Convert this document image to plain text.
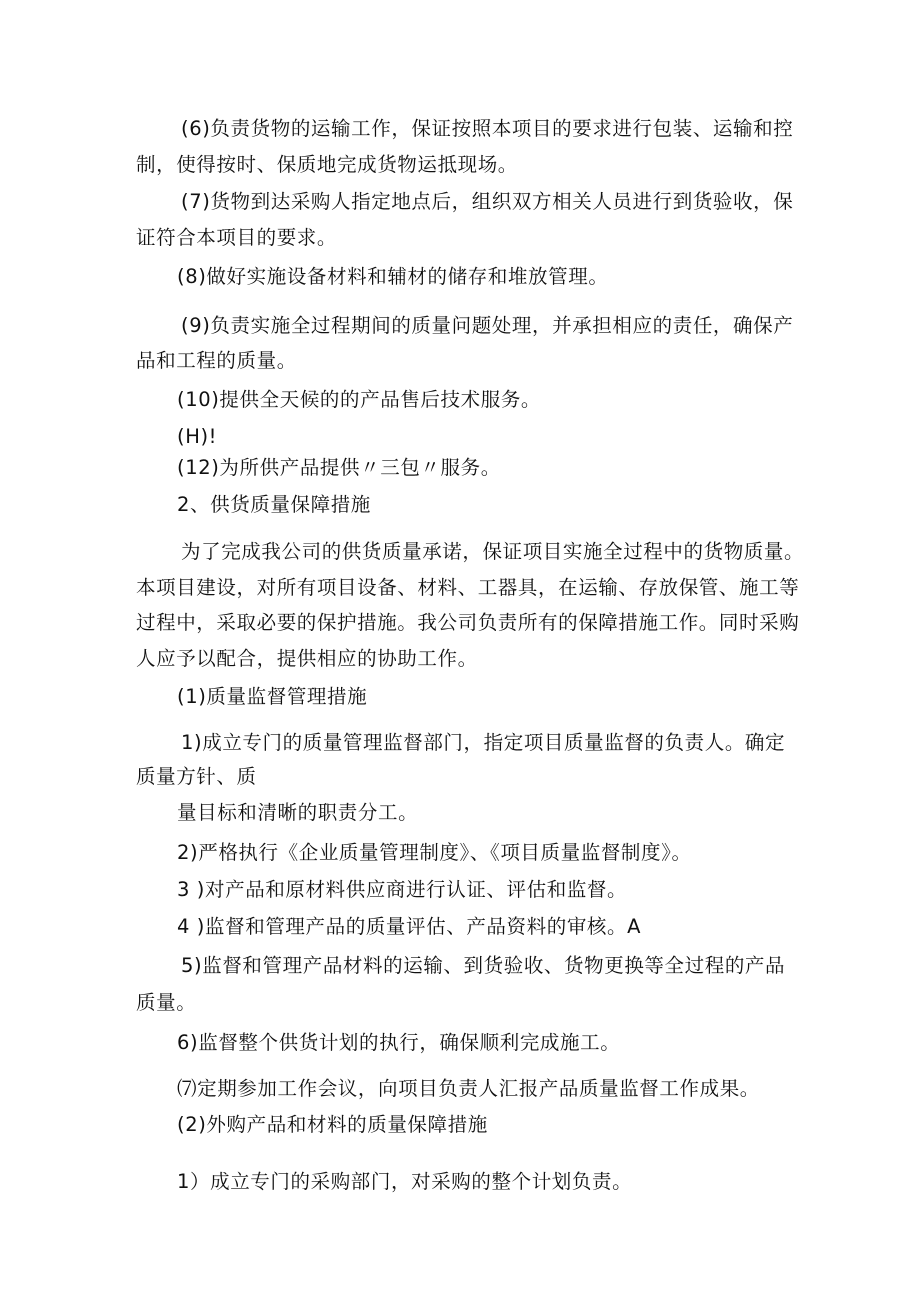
(6)负责货物的运输工作，保证按照本项目的要求进行包装、运输和控
制，使得按时、保质地完成货物运抵现场。
(7)货物到达采购人指定地点后，组织双方相关人员进行到货验收，保
证符合本项目的要求。
(8)做好实施设备材料和辅材的储存和堆放管理。
(9)负责实施全过程期间的质量问题处理，并承担相应的责任，确保产
品和工程的质量。
(10)提供全天候的的产品售后技术服务。
(H)!
(12)为所供产品提供〃三包〃服务。
2、供货质量保障措施
为了完成我公司的供货质量承诺，保证项目实施全过程中的货物质量。
本项目建设，对所有项目设备、材料、工器具，在运输、存放保管、施工等
过程中，采取必要的保护措施。我公司负责所有的保障措施工作。同时采购
人应予以配合，提供相应的协助工作。
(1)质量监督管理措施
1)成立专门的质量管理监督部门，指定项目质量监督的负责人。确定
质量方针、质
量目标和清晰的职责分工。
2)严格执行《企业质量管理制度》、《项目质量监督制度》。
3 )对产品和原材料供应商进行认证、评估和监督。
4 )监督和管理产品的质量评估、产品资料的审核。A
5)监督和管理产品材料的运输、到货验收、货物更换等全过程的产品
质量。
6)监督整个供货计划的执行，确保顺利完成施工。
⑺定期参加工作会议，向项目负责人汇报产品质量监督工作成果。
(2)外购产品和材料的质量保障措施
1）成立专门的采购部门，对采购的整个计划负责。
